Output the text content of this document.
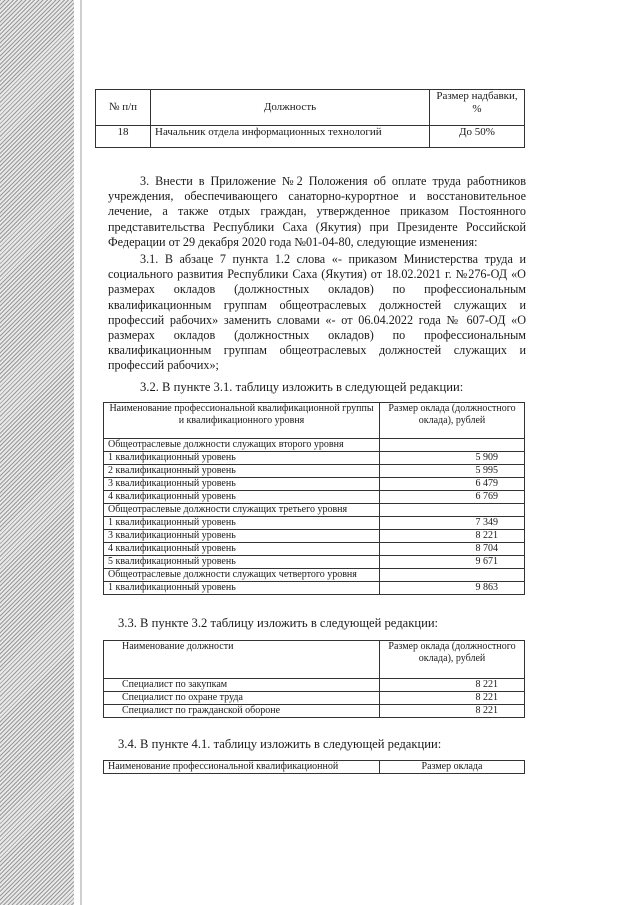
№ п/п	Должность	Размер надбавки, %
18	Начальник отдела информационных технологий	До 50%

3. Внести в Приложение №2 Положения об оплате труда работников учреждения, обеспечивающего санаторно-курортное и восстановительное лечение, а также отдых граждан, утвержденное приказом Постоянного представительства Республики Саха (Якутия) при Президенте Российской Федерации от 29 декабря 2020 года №01-04-80, следующие изменения:

3.1. В абзаце 7 пункта 1.2 слова «- приказом Министерства труда и социального развития Республики Саха (Якутия) от 18.02.2021 г. №276-ОД «О размерах окладов (должностных окладов) по профессиональным квалификационным группам общеотраслевых должностей служащих и профессий рабочих» заменить словами «- от 06.04.2022 года № 607-ОД «О размерах окладов (должностных окладов) по профессиональным квалификационным группам общеотраслевых должностей служащих и профессий рабочих»;

3.2. В пункте 3.1. таблицу изложить в следующей редакции:

Наименование профессиональной квалификационной группы и квалификационного уровня	Размер оклада (должностного оклада), рублей
Общеотраслевые должности служащих второго уровня	
1 квалификационный уровень	5 909
2 квалификационный уровень	5 995
3 квалификационный уровень	6 479
4 квалификационный уровень	6 769
Общеотраслевые должности служащих третьего уровня	
1 квалификационный уровень	7 349
3 квалификационный уровень	8 221
4 квалификационный уровень	8 704
5 квалификационный уровень	9 671
Общеотраслевые должности служащих четвертого уровня	
1 квалификационный уровень	9 863

3.3. В пункте 3.2 таблицу изложить в следующей редакции:

Наименование должности	Размер оклада (должностного оклада), рублей
Специалист по закупкам	8 221
Специалист по охране труда	8 221
Специалист по гражданской обороне	8 221

3.4. В пункте 4.1. таблицу изложить в следующей редакции:

Наименование профессиональной квалификационной	Размер оклада
